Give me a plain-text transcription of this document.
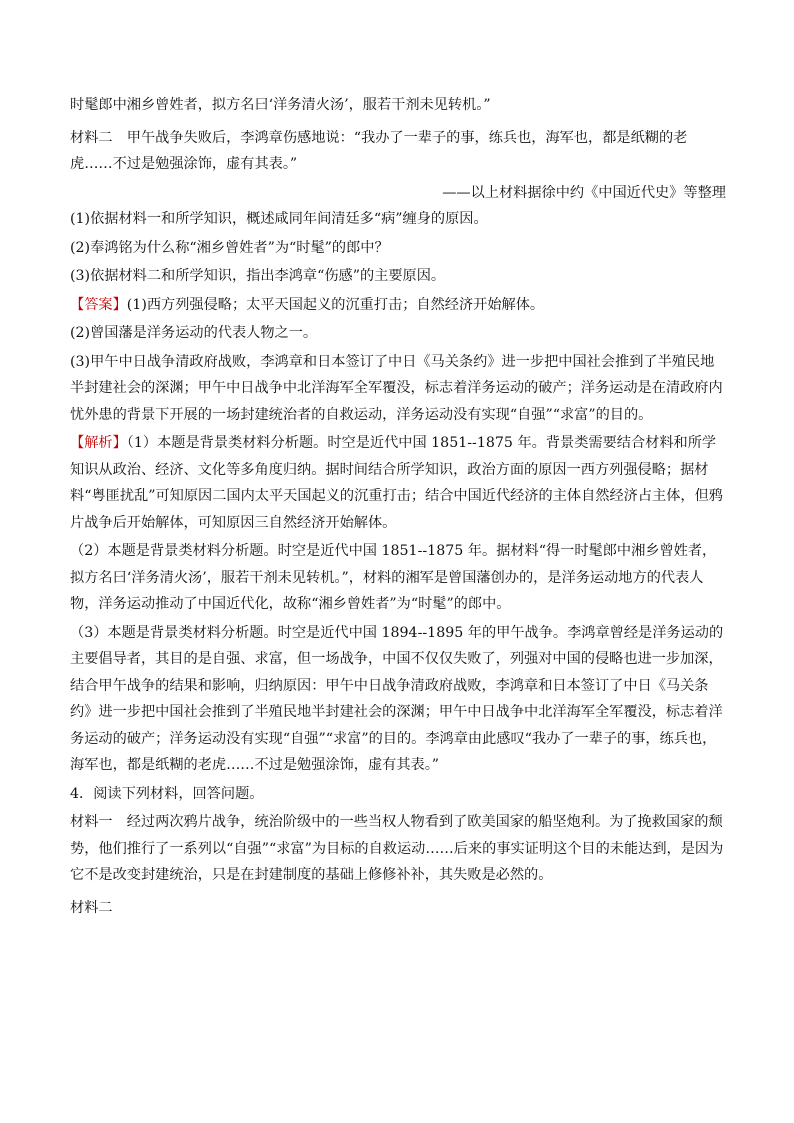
时髦郎中湘乡曾姓者，拟方名曰‘洋务清火汤’，服若干剂未见转机。”

材料二　甲午战争失败后，李鸿章伤感地说：“我办了一辈子的事，练兵也，海军也，都是纸糊的老虎……不过是勉强涂饰，虚有其表。”

——以上材料据徐中约《中国近代史》等整理

(1)依据材料一和所学知识，概述咸同年间清廷多“病”缠身的原因。

(2)奉鸿铭为什么称“湘乡曾姓者”为“时髦”的郎中？

(3)依据材料二和所学知识，指出李鸿章“伤感”的主要原因。

【答案】(1)西方列强侵略；太平天国起义的沉重打击；自然经济开始解体。

(2)曾国藩是洋务运动的代表人物之一。

(3)甲午中日战争清政府战败，李鸿章和日本签订了中日《马关条约》进一步把中国社会推到了半殖民地半封建社会的深渊；甲午中日战争中北洋海军全军覆没，标志着洋务运动的破产；洋务运动是在清政府内忧外患的背景下开展的一场封建统治者的自救运动，洋务运动没有实现“自强”“求富”的目的。

【解析】（1）本题是背景类材料分析题。时空是近代中国 1851--1875 年。背景类需要结合材料和所学知识从政治、经济、文化等多角度归纳。据时间结合所学知识，政治方面的原因一西方列强侵略；据材料“粤匪扰乱”可知原因二国内太平天国起义的沉重打击；结合中国近代经济的主体自然经济占主体，但鸦片战争后开始解体，可知原因三自然经济开始解体。

（2）本题是背景类材料分析题。时空是近代中国 1851--1875 年。据材料“得一时髦郎中湘乡曾姓者，拟方名曰‘洋务清火汤’，服若干剂未见转机。”，材料的湘军是曾国藩创办的，是洋务运动地方的代表人物，洋务运动推动了中国近代化，故称“湘乡曾姓者”为“时髦”的郎中。

（3）本题是背景类材料分析题。时空是近代中国 1894--1895 年的甲午战争。李鸿章曾经是洋务运动的主要倡导者，其目的是自强、求富，但一场战争，中国不仅仅失败了，列强对中国的侵略也进一步加深，结合甲午战争的结果和影响，归纳原因：甲午中日战争清政府战败，李鸿章和日本签订了中日《马关条约》进一步把中国社会推到了半殖民地半封建社会的深渊；甲午中日战争中北洋海军全军覆没，标志着洋务运动的破产；洋务运动没有实现“自强”“求富”的目的。李鸿章由此感叹“我办了一辈子的事，练兵也，海军也，都是纸糊的老虎……不过是勉强涂饰，虚有其表。”

4．阅读下列材料，回答问题。

材料一　经过两次鸦片战争，统治阶级中的一些当权人物看到了欧美国家的船坚炮利。为了挽救国家的颓势，他们推行了一系列以“自强”“求富”为目标的自救运动……后来的事实证明这个目的未能达到，是因为它不是改变封建统治，只是在封建制度的基础上修修补补，其失败是必然的。

材料二
